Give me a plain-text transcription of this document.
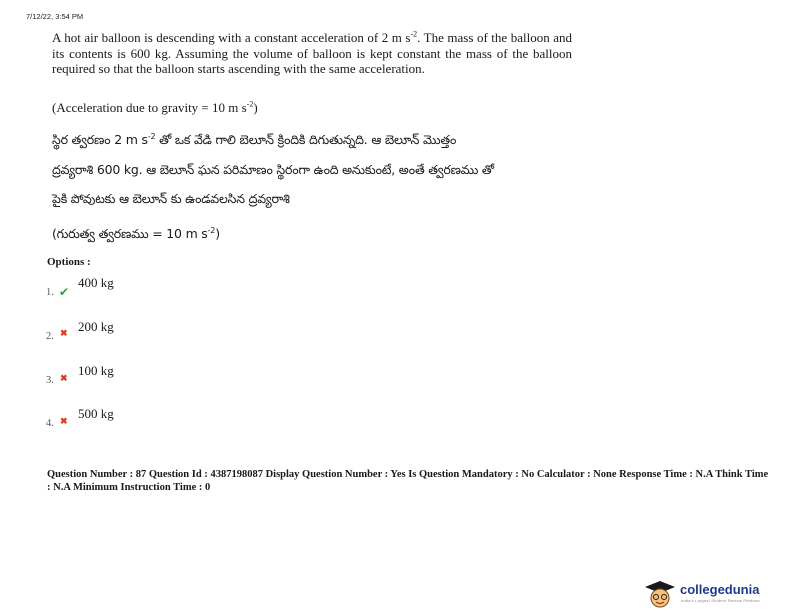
7/12/22, 3:54 PM

A hot air balloon is descending with a constant acceleration of 2 m $s^{-2}$. The mass of the balloon and its contents is 600 kg. Assuming the volume of balloon is kept constant the mass of the balloon required so that the balloon starts ascending with the same acceleration.

(Acceleration due to gravity = 10 m $s^{-2}$)

స్థిర త్వరణం 2 m $s^{-2}$ తో ఒక వేడి గాలి బెలూన్ క్రిందికి దిగుతున్నది. ఆ బెలూన్ మొత్తం
ద్రవ్యరాశి 600 kg. ఆ బెలూన్ ఘన పరిమాణం స్థిరంగా ఉంది అనుకుంటే, అంతే త్వరణము తో
పైకి పోవుటకు ఆ బెలూన్ కు ఉండవలసిన ద్రవ్యరాశి
(గురుత్వ త్వరణము = 10 m $s^{-2}$)
Options :
1. ✔
400 kg
2. ✖ 200 kg
3. ✖ 100 kg
4. ✖ 500 kg
Question Number : 87 Question Id : 4387198087 Display Question Number : Yes Is Question Mandatory : No Calculator : None Response Time : N.A Think Time : N.A Minimum Instruction Time : 0
collegedunia
India's Largest Student Review Platform
